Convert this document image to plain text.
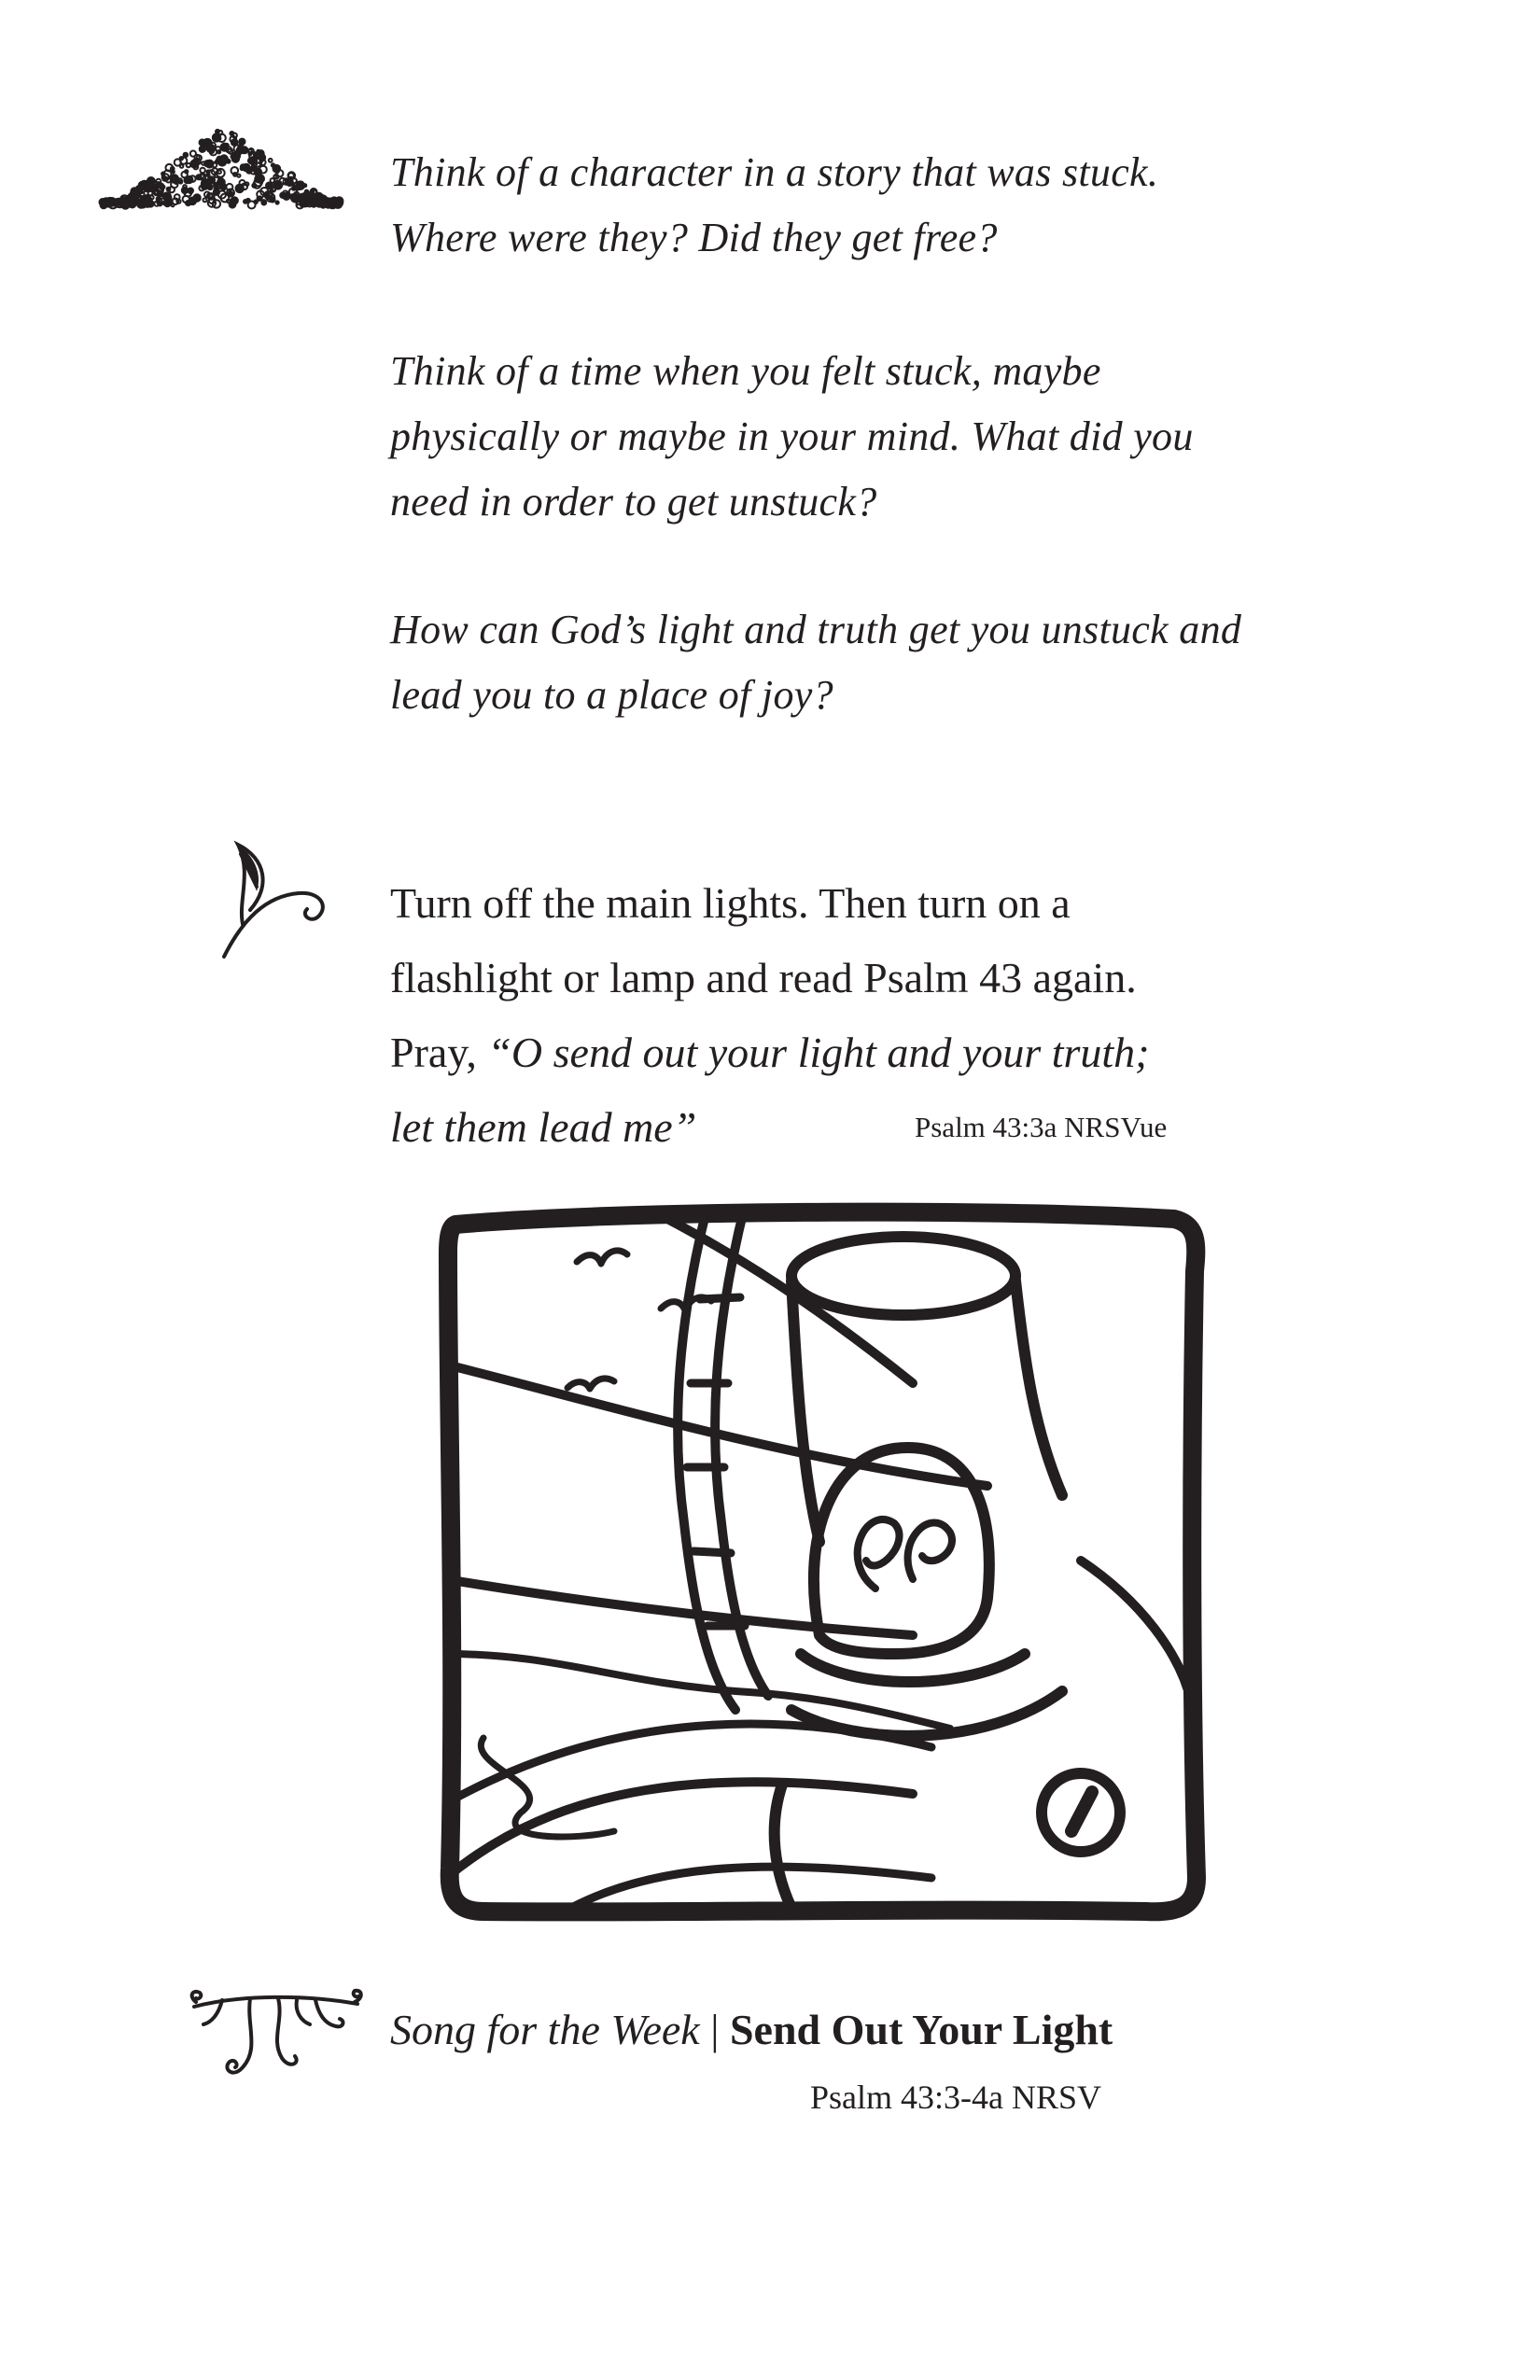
Think of a character in a story that was stuck.

Where were they? Did they get free?

Think of a time when you felt stuck, maybe

physically or maybe in your mind. What did you

need in order to get unstuck?

How can God’s light and truth get you unstuck and

lead you to a place of joy?

Turn off the main lights. Then turn on a

flashlight or lamp and read Psalm 43 again.

Pray, “O send out your light and your truth;

let them lead me”	Psalm 43:3a NRSVue
Song for the Week | Send Out Your Light
Psalm 43:3-4a NRSV
